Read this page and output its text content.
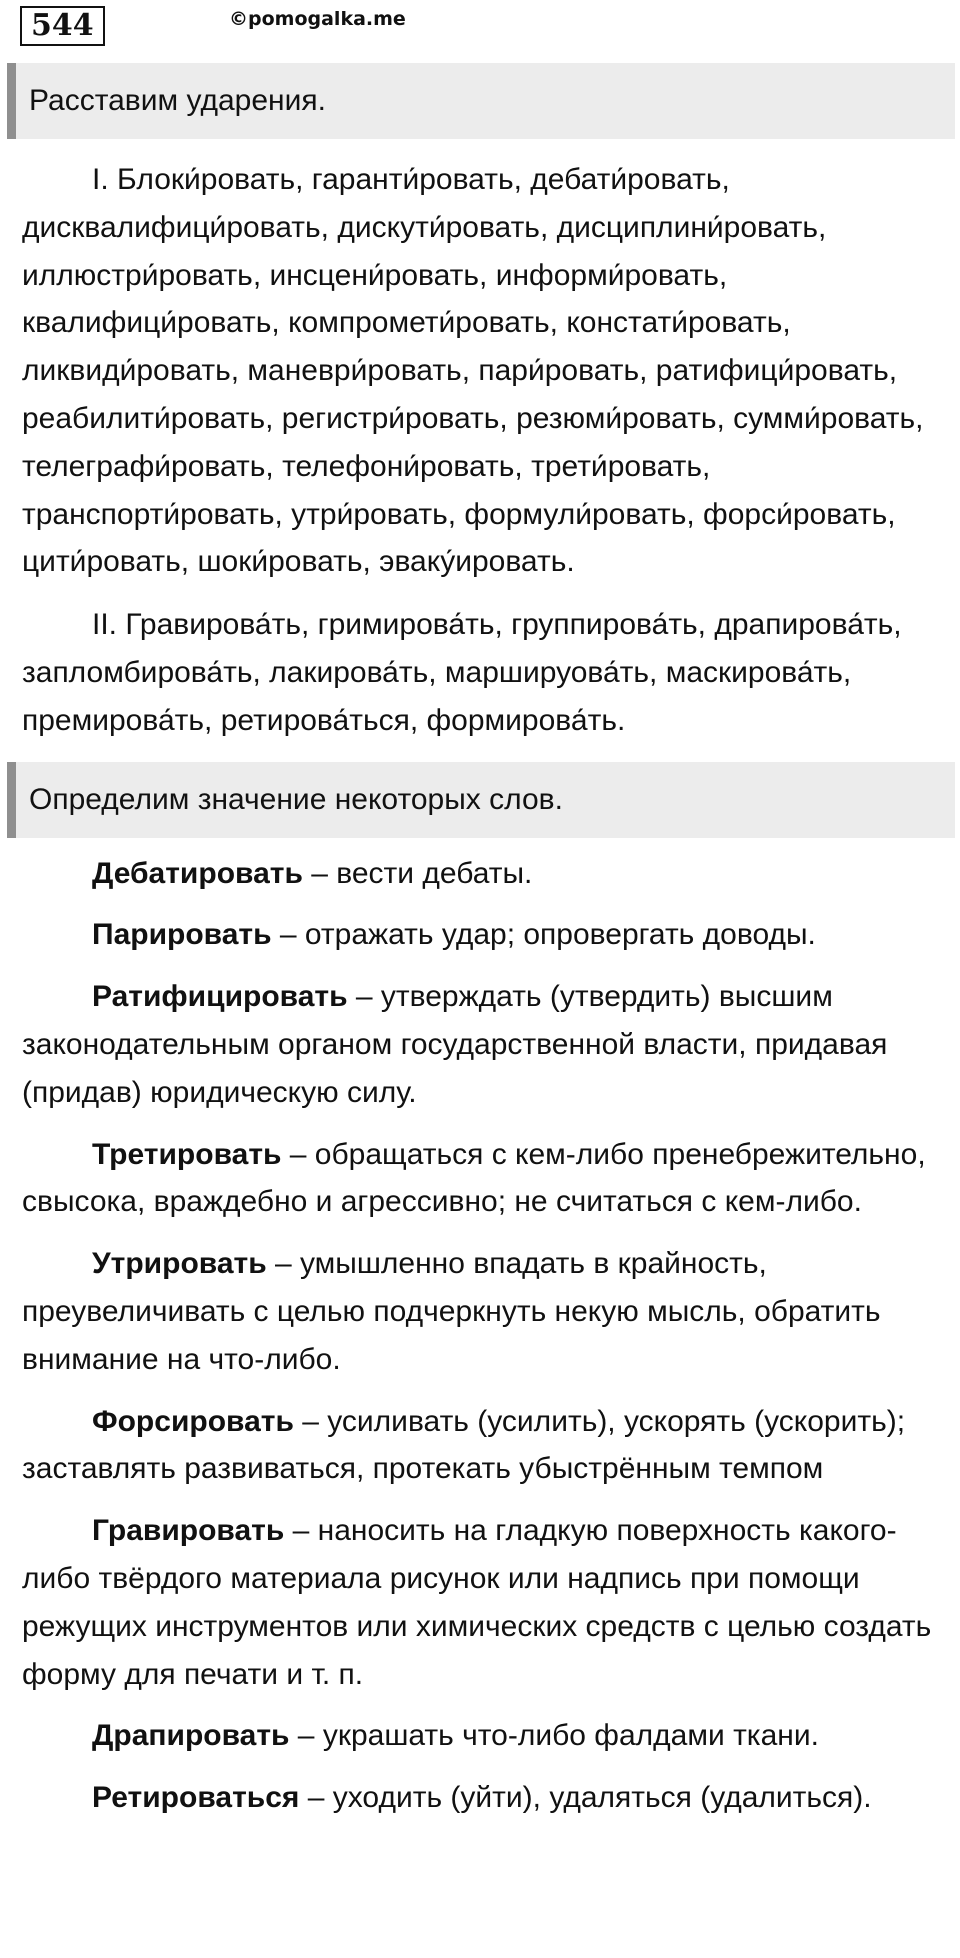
544	©pomogalka.me
Расставим ударения.

I. Блоки́ровать, гаранти́ровать, дебати́ровать, дисквалифици́ровать, дискути́ровать, дисциплини́ровать, иллюстри́ровать, инсцени́ровать, информи́ровать, квалифици́ровать, компромети́ровать, констати́ровать, ликвиди́ровать, маневри́ровать, пари́ровать, ратифици́ровать, реабилити́ровать, регистри́ровать, резюми́ровать, сумми́ровать, телеграфи́ровать, телефони́ровать, трети́ровать, транспорти́ровать, утри́ровать, формули́ровать, форси́ровать, цити́ровать, шоки́ровать, эваку́ировать.

II. Гравирова́ть, гримирова́ть, группирова́ть, драпирова́ть, запломбирова́ть, лакирова́ть, маршируова́ть, маскирова́ть, премирова́ть, ретирова́ться, формирова́ть.

Определим значение некоторых слов.

Дебатировать – вести дебаты.

Парировать – отражать удар; опровергать доводы.

Ратифицировать – утверждать (утвердить) высшим законодательным органом государственной власти, придавая (придав) юридическую силу.

Третировать – обращаться с кем-либо пренебрежительно, свысока, враждебно и агрессивно; не считаться с кем-либо.

Утрировать – умышленно впадать в крайность, преувеличивать с целью подчеркнуть некую мысль, обратить внимание на что-либо.

Форсировать – усиливать (усилить), ускорять (ускорить); заставлять развиваться, протекать убыстрённым темпом

Гравировать – наносить на гладкую поверхность какого-либо твёрдого материала рисунок или надпись при помощи режущих инструментов или химических средств с целью создать форму для печати и т. п.

Драпировать – украшать что-либо фалдами ткани.

Ретироваться – уходить (уйти), удаляться (удалиться).
